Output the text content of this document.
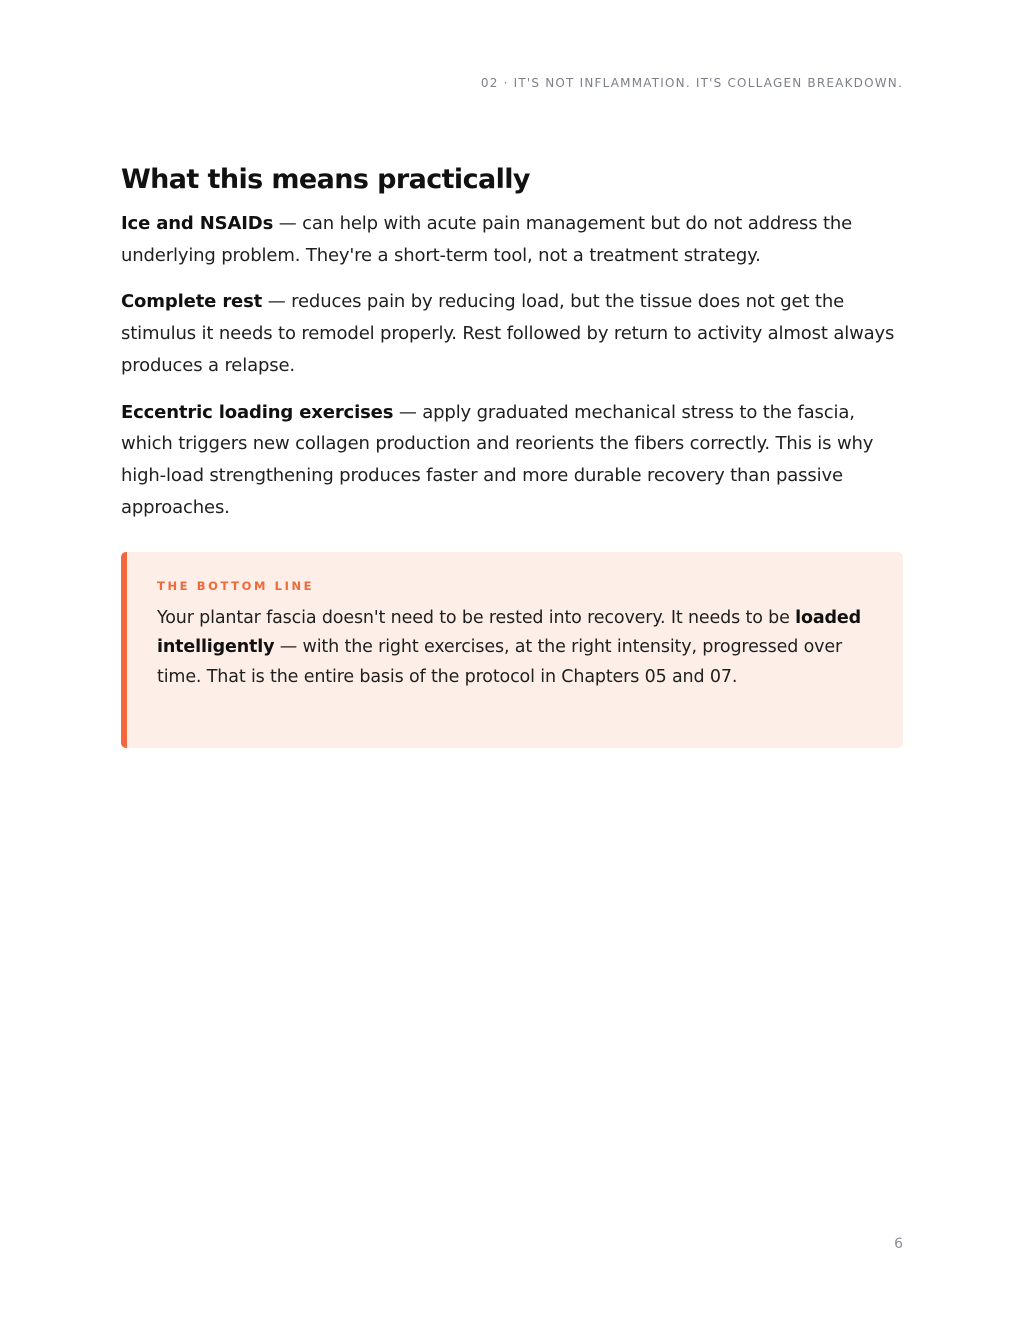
02 · IT'S NOT INFLAMMATION. IT'S COLLAGEN BREAKDOWN.
What this means practically

Ice and NSAIDs — can help with acute pain management but do not address the underlying problem. They're a short-term tool, not a treatment strategy.

Complete rest — reduces pain by reducing load, but the tissue does not get the stimulus it needs to remodel properly. Rest followed by return to activity almost always produces a relapse.

Eccentric loading exercises — apply graduated mechanical stress to the fascia, which triggers new collagen production and reorients the fibers correctly. This is why high-load strengthening produces faster and more durable recovery than passive approaches.

THE BOTTOM LINE

Your plantar fascia doesn't need to be rested into recovery. It needs to be loaded intelligently — with the right exercises, at the right intensity, progressed over time. That is the entire basis of the protocol in Chapters 05 and 07.

6
